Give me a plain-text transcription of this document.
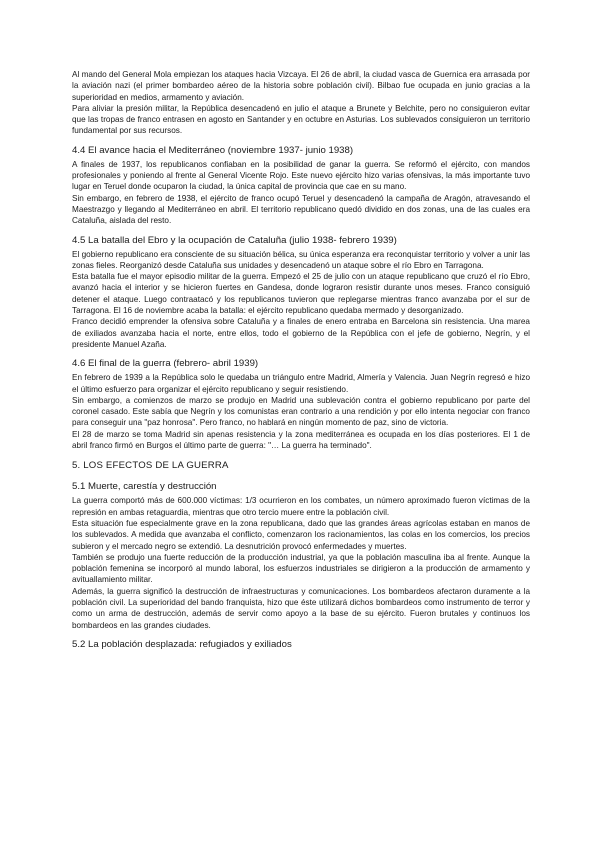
Al mando del General Mola empiezan los ataques hacia Vizcaya. El 26 de abril, la ciudad vasca de Guernica era arrasada por la aviación nazi (el primer bombardeo aéreo de la historia sobre población civil). Bilbao fue ocupada en junio gracias a la superioridad en medios, armamento y aviación.

Para aliviar la presión militar, la República desencadenó en julio el ataque a Brunete y Belchite, pero no consiguieron evitar que las tropas de franco entrasen en agosto en Santander y en octubre en Asturias. Los sublevados consiguieron un territorio fundamental por sus recursos.

4.4 El avance hacia el Mediterráneo (noviembre 1937- junio 1938)

A finales de 1937, los republicanos confiaban en la posibilidad de ganar la guerra. Se reformó el ejército, con mandos profesionales y poniendo al frente al General Vicente Rojo. Este nuevo ejército hizo varias ofensivas, la más importante tuvo lugar en Teruel donde ocuparon la ciudad, la única capital de provincia que cae en su mano.

Sin embargo, en febrero de 1938, el ejército de franco ocupó Teruel y desencadenó la campaña de Aragón, atravesando el Maestrazgo y llegando al Mediterráneo en abril. El territorio republicano quedó dividido en dos zonas, una de las cuales era Cataluña, aislada del resto.

4.5 La batalla del Ebro y la ocupación de Cataluña (julio 1938- febrero 1939)

El gobierno republicano era consciente de su situación bélica, su única esperanza era reconquistar territorio y volver a unir las zonas fieles. Reorganizó desde Cataluña sus unidades y desencadenó un ataque sobre el río Ebro en Tarragona.

Esta batalla fue el mayor episodio militar de la guerra. Empezó el 25 de julio con un ataque republicano que cruzó el río Ebro, avanzó hacia el interior y se hicieron fuertes en Gandesa, donde lograron resistir durante unos meses. Franco consiguió detener el ataque. Luego contraatacó y los republicanos tuvieron que replegarse mientras franco avanzaba por el sur de Tarragona. El 16 de noviembre acaba la batalla: el ejército republicano quedaba mermado y desorganizado.

Franco decidió emprender la ofensiva sobre Cataluña y a finales de enero entraba en Barcelona sin resistencia. Una marea de exiliados avanzaba hacia el norte, entre ellos, todo el gobierno de la República con el jefe de gobierno, Negrín, y el presidente Manuel Azaña.

4.6 El final de la guerra (febrero- abril 1939)

En febrero de 1939 a la República solo le quedaba un triángulo entre Madrid, Almería y Valencia. Juan Negrín regresó e hizo el último esfuerzo para organizar el ejército republicano y seguir resistiendo.

Sin embargo, a comienzos de marzo se produjo en Madrid una sublevación contra el gobierno republicano por parte del coronel casado. Este sabía que Negrín y los comunistas eran contrario a una rendición y por ello intenta negociar con franco para conseguir una "paz honrosa". Pero franco, no hablará en ningún momento de paz, sino de victoria.

El 28 de marzo se toma Madrid sin apenas resistencia y la zona mediterránea es ocupada en los días posteriores. El 1 de abril franco firmó en Burgos el último parte de guerra: "… La guerra ha terminado".

5. LOS EFECTOS DE LA GUERRA
5.1 Muerte, carestía y destrucción

La guerra comportó más de 600.000 víctimas: 1/3 ocurrieron en los combates, un número aproximado fueron víctimas de la represión en ambas retaguardia, mientras que otro tercio muere entre la población civil.

Esta situación fue especialmente grave en la zona republicana, dado que las grandes áreas agrícolas estaban en manos de los sublevados. A medida que avanzaba el conflicto, comenzaron los racionamientos, las colas en los comercios, los precios subieron y el mercado negro se extendió. La desnutrición provocó enfermedades y muertes.

También se produjo una fuerte reducción de la producción industrial, ya que la población masculina iba al frente. Aunque la población femenina se incorporó al mundo laboral, los esfuerzos industriales se dirigieron a la producción de armamento y avituallamiento militar.

Además, la guerra significó la destrucción de infraestructuras y comunicaciones. Los bombardeos afectaron duramente a la población civil. La superioridad del bando franquista, hizo que éste utilizará dichos bombardeos como instrumento de terror y como un arma de destrucción, además de servir como apoyo a la base de su ejército. Fueron brutales y continuos los bombardeos en las grandes ciudades.

5.2 La población desplazada: refugiados y exiliados
